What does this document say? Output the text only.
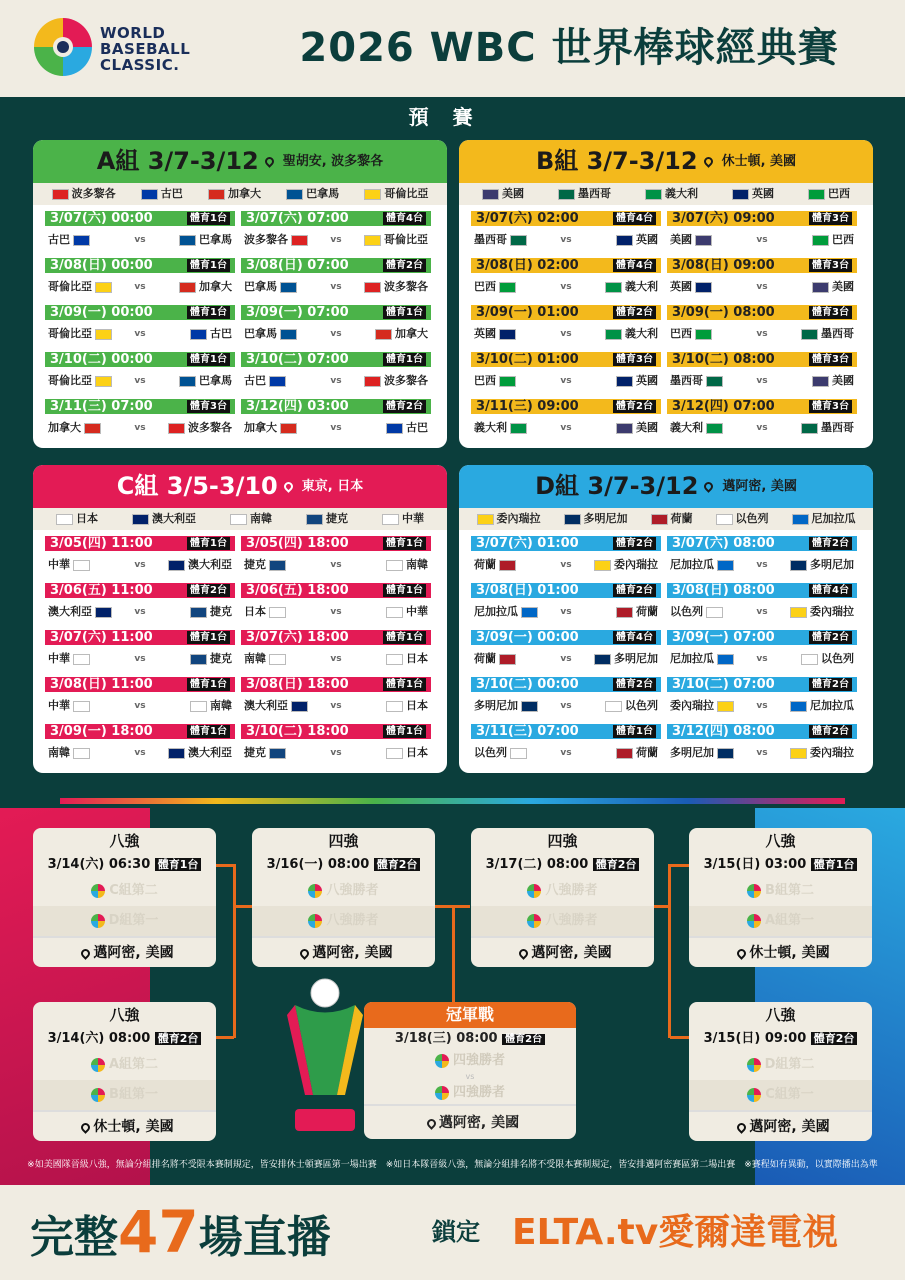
WORLD
BASEBALL
CLASSIC.	2026 WBC 世界棒球經典賽
預賽
A組 3/7-3/12 聖胡安, 波多黎各
波多黎各	古巴	加拿大	巴拿馬	哥倫比亞
3/07(六) 00:00	體育1台
古巴	vs	巴拿馬
3/07(六) 07:00	體育4台
波多黎各	vs	哥倫比亞
3/08(日) 00:00	體育1台
哥倫比亞	vs	加拿大
3/08(日) 07:00	體育2台
巴拿馬	vs	波多黎各
3/09(一) 00:00	體育1台
哥倫比亞	vs	古巴
3/09(一) 07:00	體育1台
巴拿馬	vs	加拿大
3/10(二) 00:00	體育1台
哥倫比亞	vs	巴拿馬
3/10(二) 07:00	體育1台
古巴	vs	波多黎各
3/11(三) 07:00	體育3台
加拿大	vs	波多黎各
3/12(四) 03:00	體育2台
加拿大	vs	古巴
B組 3/7-3/12 休士頓, 美國
美國	墨西哥	義大利	英國	巴西
3/07(六) 02:00	體育4台
墨西哥	vs	英國
3/07(六) 09:00	體育3台
美國	vs	巴西
3/08(日) 02:00	體育4台
巴西	vs	義大利
3/08(日) 09:00	體育3台
英國	vs	美國
3/09(一) 01:00	體育2台
英國	vs	義大利
3/09(一) 08:00	體育3台
巴西	vs	墨西哥
3/10(二) 01:00	體育3台
巴西	vs	英國
3/10(二) 08:00	體育3台
墨西哥	vs	美國
3/11(三) 09:00	體育2台
義大利	vs	美國
3/12(四) 07:00	體育3台
義大利	vs	墨西哥
C組 3/5-3/10 東京, 日本
日本	澳大利亞	南韓	捷克	中華
3/05(四) 11:00	體育1台
中華	vs	澳大利亞
3/05(四) 18:00	體育1台
捷克	vs	南韓
3/06(五) 11:00	體育2台
澳大利亞	vs	捷克
3/06(五) 18:00	體育1台
日本	vs	中華
3/07(六) 11:00	體育1台
中華	vs	捷克
3/07(六) 18:00	體育1台
南韓	vs	日本
3/08(日) 11:00	體育1台
中華	vs	南韓
3/08(日) 18:00	體育1台
澳大利亞	vs	日本
3/09(一) 18:00	體育1台
南韓	vs	澳大利亞
3/10(二) 18:00	體育1台
捷克	vs	日本
D組 3/7-3/12 邁阿密, 美國
委內瑞拉	多明尼加	荷蘭	以色列	尼加拉瓜
3/07(六) 01:00	體育2台
荷蘭	vs	委內瑞拉
3/07(六) 08:00	體育2台
尼加拉瓜	vs	多明尼加
3/08(日) 01:00	體育2台
尼加拉瓜	vs	荷蘭
3/08(日) 08:00	體育4台
以色列	vs	委內瑞拉
3/09(一) 00:00	體育4台
荷蘭	vs	多明尼加
3/09(一) 07:00	體育2台
尼加拉瓜	vs	以色列
3/10(二) 00:00	體育2台
多明尼加	vs	以色列
3/10(二) 07:00	體育2台
委內瑞拉	vs	尼加拉瓜
3/11(三) 07:00	體育1台
以色列	vs	荷蘭
3/12(四) 08:00	體育2台
多明尼加	vs	委內瑞拉
八強
3/14(六) 06:30 體育1台
C組第二
D組第一
邁阿密, 美國
四強
3/16(一) 08:00 體育2台
八強勝者
八強勝者
邁阿密, 美國
四強
3/17(二) 08:00 體育2台
八強勝者
八強勝者
邁阿密, 美國
八強
3/15(日) 03:00 體育1台
B組第二
A組第一
休士頓, 美國
八強
3/14(六) 08:00 體育2台
A組第二
B組第一
休士頓, 美國
八強
3/15(日) 09:00 體育2台
D組第二
C組第一
邁阿密, 美國
冠軍戰
3/18(三) 08:00 體育2台
四強勝者
vs
四強勝者
邁阿密, 美國
※如美國隊晉級八強，無論分組排名將不受限本賽制規定，皆安排休士頓賽區第一場出賽　※如日本隊晉級八強，無論分組排名將不受限本賽制規定，皆安排邁阿密賽區第二場出賽　※賽程如有異動，以實際播出為準
完整47場直播	鎖定 ELTA.tv愛爾達電視
